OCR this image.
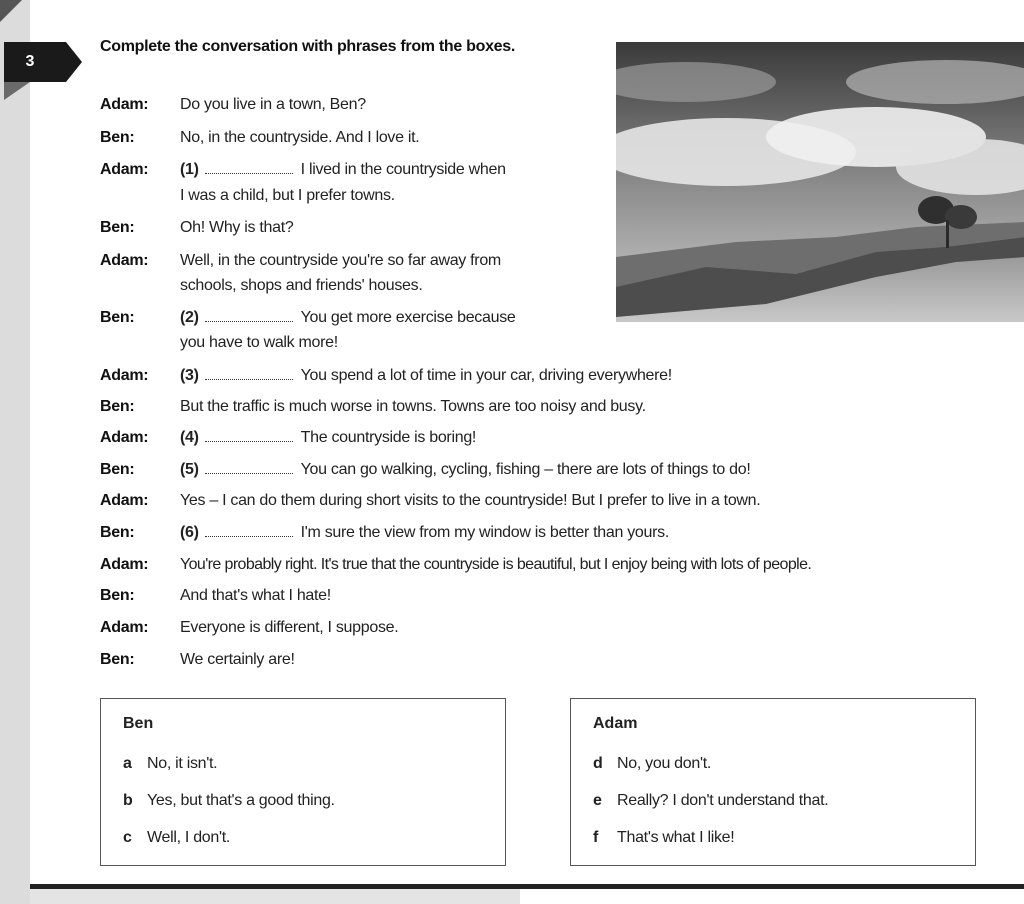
3
Complete the conversation with phrases from the boxes.
Adam: Do you live in a town, Ben?
Ben:	No, in the countryside. And I love it.
Adam: (1)	I lived in the countryside when
I was a child, but I prefer towns.
Ben:	Oh! Why is that?
Adam: Well, in the countryside you're so far away from
schools, shops and friends' houses.
Ben:	(2)	You get more exercise because
you have to walk more!
Adam: (3)	You spend a lot of time in your car, driving everywhere!
Ben:	But the traffic is much worse in towns. Towns are too noisy and busy.
Adam: (4)	The countryside is boring!
Ben:	(5)	You can go walking, cycling, fishing – there are lots of things to do!
Adam: Yes – I can do them during short visits to the countryside! But I prefer to live in a town.
Ben:	(6)	I'm sure the view from my window is better than yours.
Adam: You're probably right. It's true that the countryside is beautiful, but I enjoy being with lots of people.
Ben:	And that's what I hate!
Adam: Everyone is different, I suppose.
Ben:	We certainly are!
Ben
a No, it isn't.
b Yes, but that's a good thing.
c Well, I don't.
Adam
d No, you don't.
e Really? I don't understand that.
f That's what I like!
